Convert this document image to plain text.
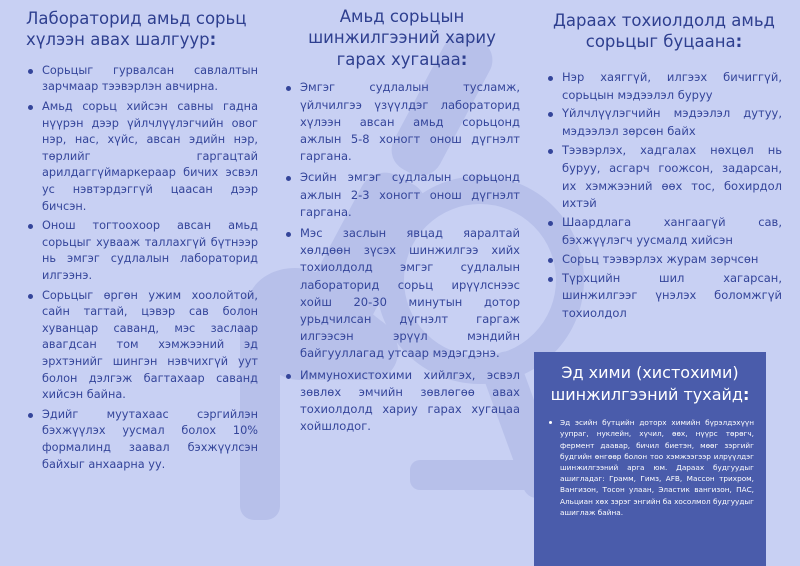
Лабораторид амьд сорьц хүлээн авах шалгуур:
Сорьцыг гурвалсан савлалтын зарчмаар тээвэрлэн авчирна.
Амьд сорьц хийсэн савны гадна нүүрэн дээр үйлчлүүлэгчийн овог нэр, нас, хүйс, авсан эдийн нэр, төрлийг гаргацтай арилдаггүймаркераар бичих эсвэл ус нэвтэрдэггүй цаасан дээр бичсэн.
Онош тогтоохоор авсан амьд сорьцыг хувааж таллахгүй бүтнээр нь эмгэг судлалын лабораторид илгээнэ.
Сорьцыг өргөн ужим хоолойтой, сайн тагтай, цэвэр сав болон хуванцар саванд, мэс заслаар авагдсан том хэмжээний эд эрхтэнийг шингэн нэвчихгүй уут болон дэлгэж багтахаар саванд хийсэн байна.
Эдийг муутахаас сэргийлэн бэхжүүлэх уусмал болох 10% формалинд заавал бэхжүүлсэн байхыг анхаарна уу.
Амьд сорьцын шинжилгээний хариу гарах хугацаа:
Эмгэг судлалын тусламж, үйлчилгээ үзүүлдэг лабораторид хүлээн авсан амьд сорьцонд ажлын 5-8 хоногт онош дүгнэлт гаргана.
Эсийн эмгэг судлалын сорьцонд ажлын 2-3 хоногт онош дүгнэлт гаргана.
Мэс заслын явцад яаралтай хөлдөөн зүсэх шинжилгээ хийх тохиолдолд эмгэг судлалын лабораторид сорьц ирүүлснээс хойш 20-30 минутын дотор урьдчилсан дүгнэлт гаргаж илгээсэн эрүүл мэндийн байгууллагад утсаар мэдэгдэнэ.
Иммунохистохими хийлгэх, эсвэл зөвлөх эмчийн зөвлөгөө авах тохиолдолд хариу гарах хугацаа хойшлодог.
Дараах тохиолдолд амьд сорьцыг буцаана:
Нэр хаяггүй, илгээх бичиггүй, сорьцын мэдээлэл буруу
Үйлчлүүлэгчийн мэдээлэл дутуу, мэдээлэл зөрсөн байх
Тээвэрлэх, хадгалах нөхцөл нь буруу, асгарч гоожсон, задарсан, их хэмжээний өөх тос, бохирдол ихтэй
Шаардлага хангаагүй сав, бэхжүүлэгч уусмалд хийсэн
Сорьц тээвэрлэх журам зөрчсөн
Түрхцийн шил хагарсан, шинжилгээг үнэлэх боломжгүй тохиолдол
Эд хими (хистохими) шинжилгээний тухайд:
Эд эсийн бүтцийн доторх химийн бүрэлдэхүүн уупраг, нуклейн, хүчил, өөх, нүүрс төрөгч, фермент даавар, бичил биетэн, мөөг зэргийг будгийн өнгөөр болон тоо хэмжээгээр илрүүлдэг шинжилгээний арга юм. Дараах будгуудыг ашигладаг: Грамм, Гимз, AFB, Массон трихром, Вангизон, Тосон улаан, Эластик вангизон, ПАС, Альциан хөх зэрэг энгийн ба хосолмол будгуудыг ашиглаж байна.
